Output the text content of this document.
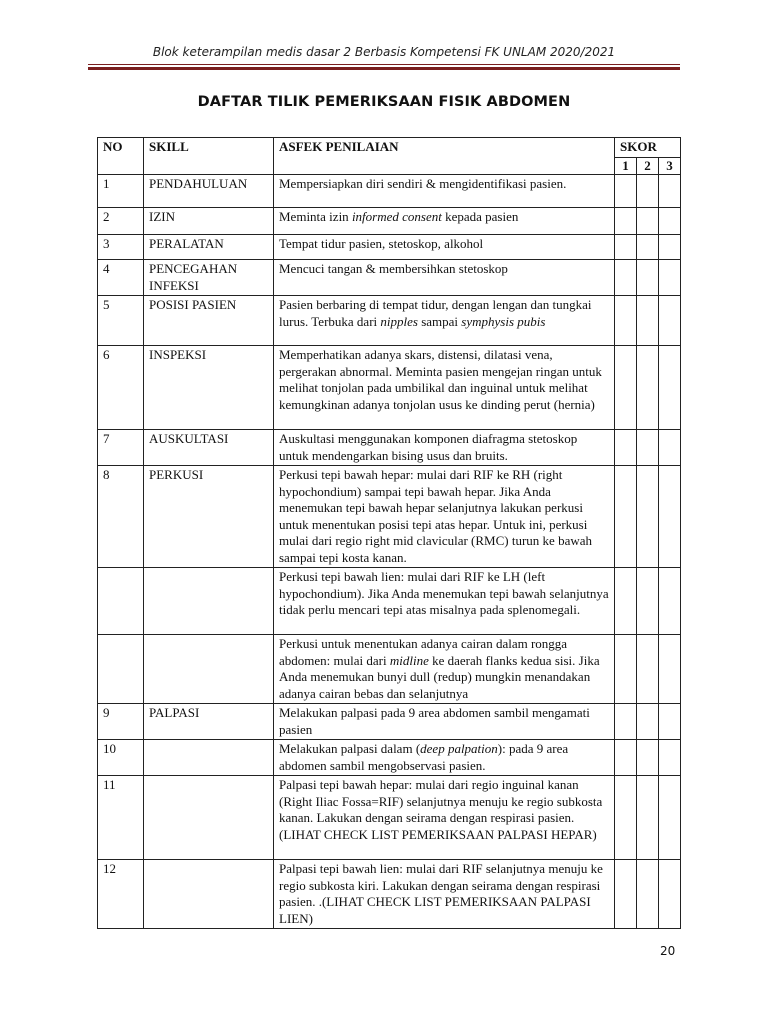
Blok keterampilan medis dasar 2 Berbasis Kompetensi FK UNLAM 2020/2021
DAFTAR TILIK PEMERIKSAAN FISIK ABDOMEN
NO	SKILL	ASFEK PENILAIAN	SKOR		
			1	2	3
1	PENDAHULUAN	Mempersiapkan diri sendiri & mengidentifikasi pasien.			
2	IZIN	Meminta izin informed consent kepada pasien			
3	PERALATAN	Tempat tidur pasien, stetoskop, alkohol			
4	PENCEGAHAN INFEKSI	Mencuci tangan & membersihkan stetoskop			
5	POSISI PASIEN	Pasien berbaring di tempat tidur, dengan lengan dan tungkai lurus. Terbuka dari nipples sampai symphysis pubis			
6	INSPEKSI	Memperhatikan adanya skars, distensi, dilatasi vena, pergerakan abnormal. Meminta pasien mengejan ringan untuk melihat tonjolan pada umbilikal dan inguinal untuk melihat kemungkinan adanya tonjolan usus ke dinding perut (hernia)			
7	AUSKULTASI	Auskultasi menggunakan komponen diafragma stetoskop untuk mendengarkan bising usus dan bruits.			
8	PERKUSI	Perkusi tepi bawah hepar: mulai dari RIF ke RH (right hypochondium) sampai tepi bawah hepar. Jika Anda menemukan tepi bawah hepar selanjutnya lakukan perkusi untuk menentukan posisi tepi atas hepar. Untuk ini, perkusi mulai dari regio right mid clavicular (RMC) turun ke bawah sampai tepi kosta kanan.			
		Perkusi tepi bawah lien: mulai dari RIF ke LH (left hypochondium). Jika Anda menemukan tepi bawah selanjutnya tidak perlu mencari tepi atas misalnya pada splenomegali.			
		Perkusi untuk menentukan adanya cairan dalam rongga abdomen: mulai dari midline ke daerah flanks kedua sisi. Jika Anda menemukan bunyi dull (redup) mungkin menandakan adanya cairan bebas dan selanjutnya			
9	PALPASI	Melakukan palpasi pada 9 area abdomen sambil mengamati pasien			
10		Melakukan palpasi dalam (deep palpation): pada 9 area abdomen sambil mengobservasi pasien.			
11		Palpasi tepi bawah hepar: mulai dari regio inguinal kanan (Right Iliac Fossa=RIF) selanjutnya menuju ke regio subkosta kanan. Lakukan dengan seirama dengan respirasi pasien.(LIHAT CHECK LIST PEMERIKSAAN PALPASI HEPAR)			
12		Palpasi tepi bawah lien: mulai dari RIF selanjutnya menuju ke regio subkosta kiri. Lakukan dengan seirama dengan respirasi pasien. .(LIHAT CHECK LIST PEMERIKSAAN PALPASI LIEN)			
20
